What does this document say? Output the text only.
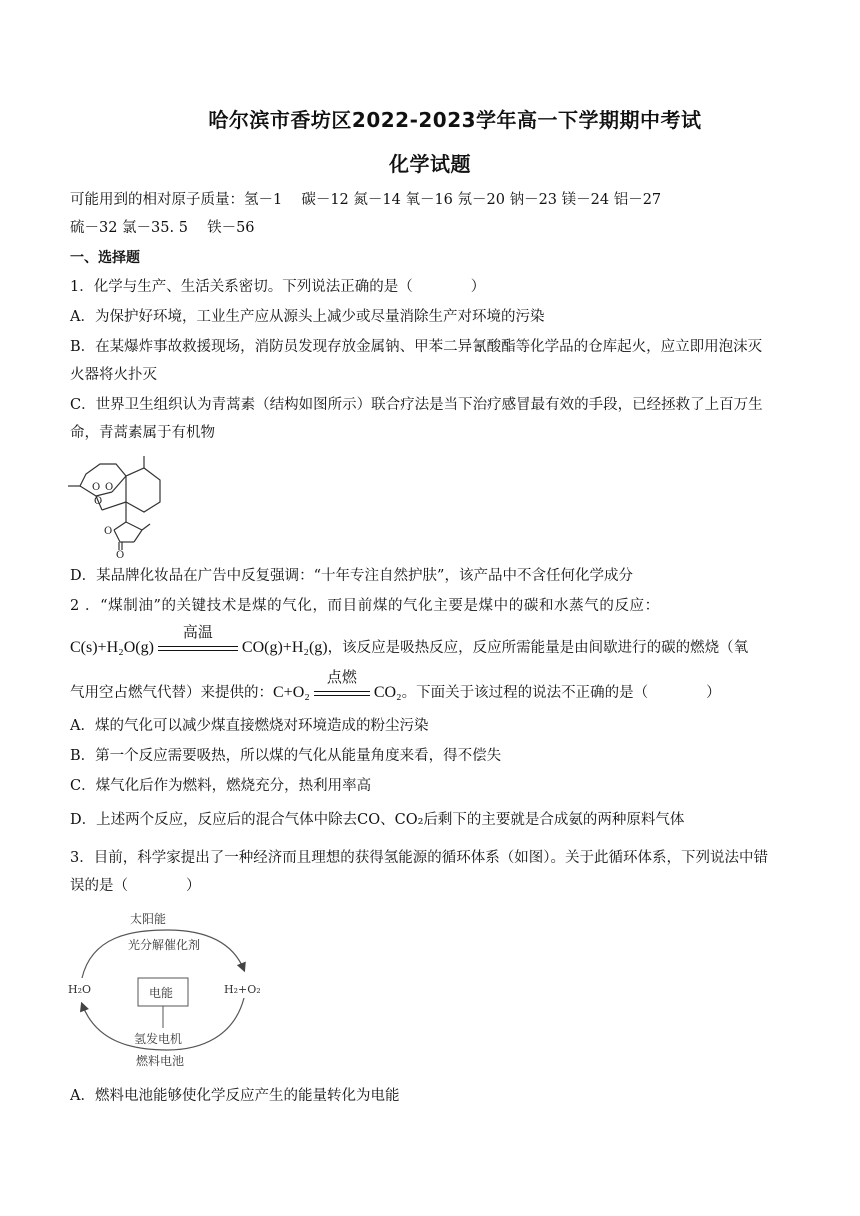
哈尔滨市香坊区2022-2023学年高一下学期期中考试
化学试题
可能用到的相对原子质量：氢－1　 碳－12 氮－14 氧－16 氖－20 钠－23 镁－24 铝－27
硫－32 氯－35. 5　 铁－56
一、选择题
1．化学与生产、生活关系密切。下列说法正确的是（　　　　）
A．为保护好环境，工业生产应从源头上减少或尽量消除生产对环境的污染
B．在某爆炸事故救援现场，消防员发现存放金属钠、甲苯二异氰酸酯等化学品的仓库起火，应立即用泡沫灭
火器将火扑灭
C．世界卫生组织认为青蒿素（结构如图所示）联合疗法是当下治疗感冒最有效的手段，已经拯救了上百万生
命，青蒿素属于有机物
O O
O
O
O
D．某品牌化妆品在广告中反复强调：“十年专注自然护肤”，该产品中不含任何化学成分
2 ．“煤制油”的关键技术是煤的气化，而目前煤的气化主要是煤中的碳和水蒸气的反应：
C(s)+H₂O(g)
高温
CO(g)+H₂(g)，该反应是吸热反应，反应所需能量是由间歇进行的碳的燃烧（氧
气用空占燃气代替）来提供的：C+O₂
点燃
CO₂。下面关于该过程的说法不正确的是（　　　　）
A．煤的气化可以减少煤直接燃烧对环境造成的粉尘污染
B．第一个反应需要吸热，所以煤的气化从能量角度来看，得不偿失
C．煤气化后作为燃料，燃烧充分，热利用率高
D．上述两个反应，反应后的混合气体中除去CO、CO₂后剩下的主要就是合成氨的两种原料气体
3．目前，科学家提出了一种经济而且理想的获得氢能源的循环体系（如图）。关于此循环体系，下列说法中错
误的是（　　　　）
太阳能
光分解催化剂
H₂O	H₂+O₂
电能
氢发电机
燃料电池
A．燃料电池能够使化学反应产生的能量转化为电能
